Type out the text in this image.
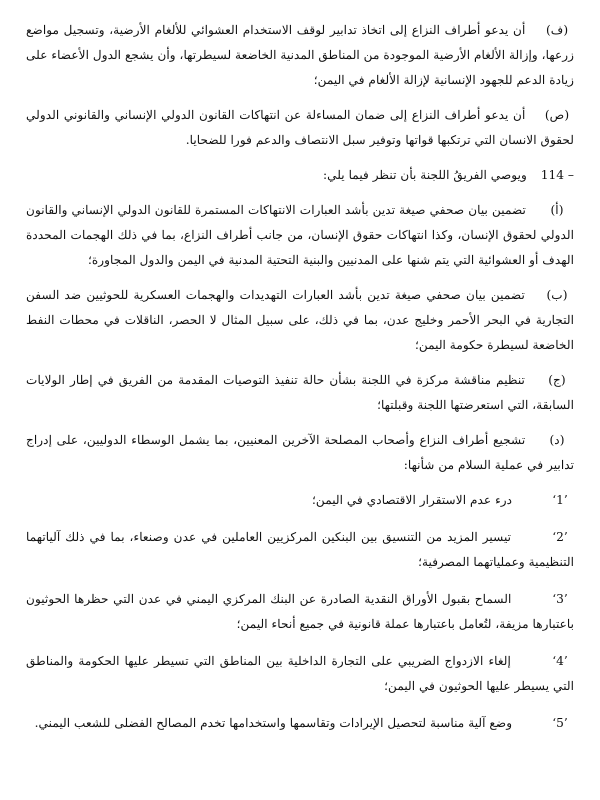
(ف) أن يدعو أطراف النزاع إلى اتخاذ تدابير لوقف الاستخدام العشوائي للألغام الأرضية، وتسجيل مواضع زرعها، وإزالة الألغام الأرضية الموجودة من المناطق المدنية الخاضعة لسيطرتها، وأن يشجع الدول الأعضاء على زيادة الدعم للجهود الإنسانية لإزالة الألغام في اليمن؛

(ص) أن يدعو أطراف النزاع إلى ضمان المساءلة عن انتهاكات القانون الدولي الإنساني والقانوني الدولي لحقوق الانسان التي ترتكبها قواتها وتوفير سبل الانتصاف والدعم فورا للضحايا.

114 – ويوصي الفريقُ اللجنة بأن تنظر فيما يلي:

(أ) تضمين بيان صحفي صيغة تدين بأشد العبارات الانتهاكات المستمرة للقانون الدولي الإنساني والقانون الدولي لحقوق الإنسان، وكذا انتهاكات حقوق الإنسان، من جانب أطراف النزاع، بما في ذلك الهجمات المحددة الهدف أو العشوائية التي يتم شنها على المدنيين والبنية التحتية المدنية في اليمن والدول المجاورة؛

(ب) تضمين بيان صحفي صيغة تدين بأشد العبارات التهديدات والهجمات العسكرية للحوثيين ضد السفن التجارية في البحر الأحمر وخليج عدن، بما في ذلك، على سبيل المثال لا الحصر، الناقلات في محطات النفط الخاضعة لسيطرة حكومة اليمن؛

(ج) تنظيم مناقشة مركزة في اللجنة بشأن حالة تنفيذ التوصيات المقدمة من الفريق في إطار الولايات السابقة، التي استعرضتها اللجنة وقبلتها؛

(د) تشجيع أطراف النزاع وأصحاب المصلحة الآخرين المعنيين، بما يشمل الوسطاء الدوليين، على إدراج تدابير في عملية السلام من شأنها:

‘1’ درء عدم الاستقرار الاقتصادي في اليمن؛

‘2’ تيسير المزيد من التنسيق بين البنكين المركزيين العاملين في عدن وصنعاء، بما في ذلك آلياتهما التنظيمية وعملياتهما المصرفية؛

‘3’ السماح بقبول الأوراق النقدية الصادرة عن البنك المركزي اليمني في عدن التي حظرها الحوثيون باعتبارها مزيفة، لتُعامل باعتبارها عملة قانونية في جميع أنحاء اليمن؛

‘4’ إلغاء الازدواج الضريبي على التجارة الداخلية بين المناطق التي تسيطر عليها الحكومة والمناطق التي يسيطر عليها الحوثيون في اليمن؛

‘5’ وضع آلية مناسبة لتحصيل الإيرادات وتقاسمها واستخدامها تخدم المصالح الفضلى للشعب اليمني.
